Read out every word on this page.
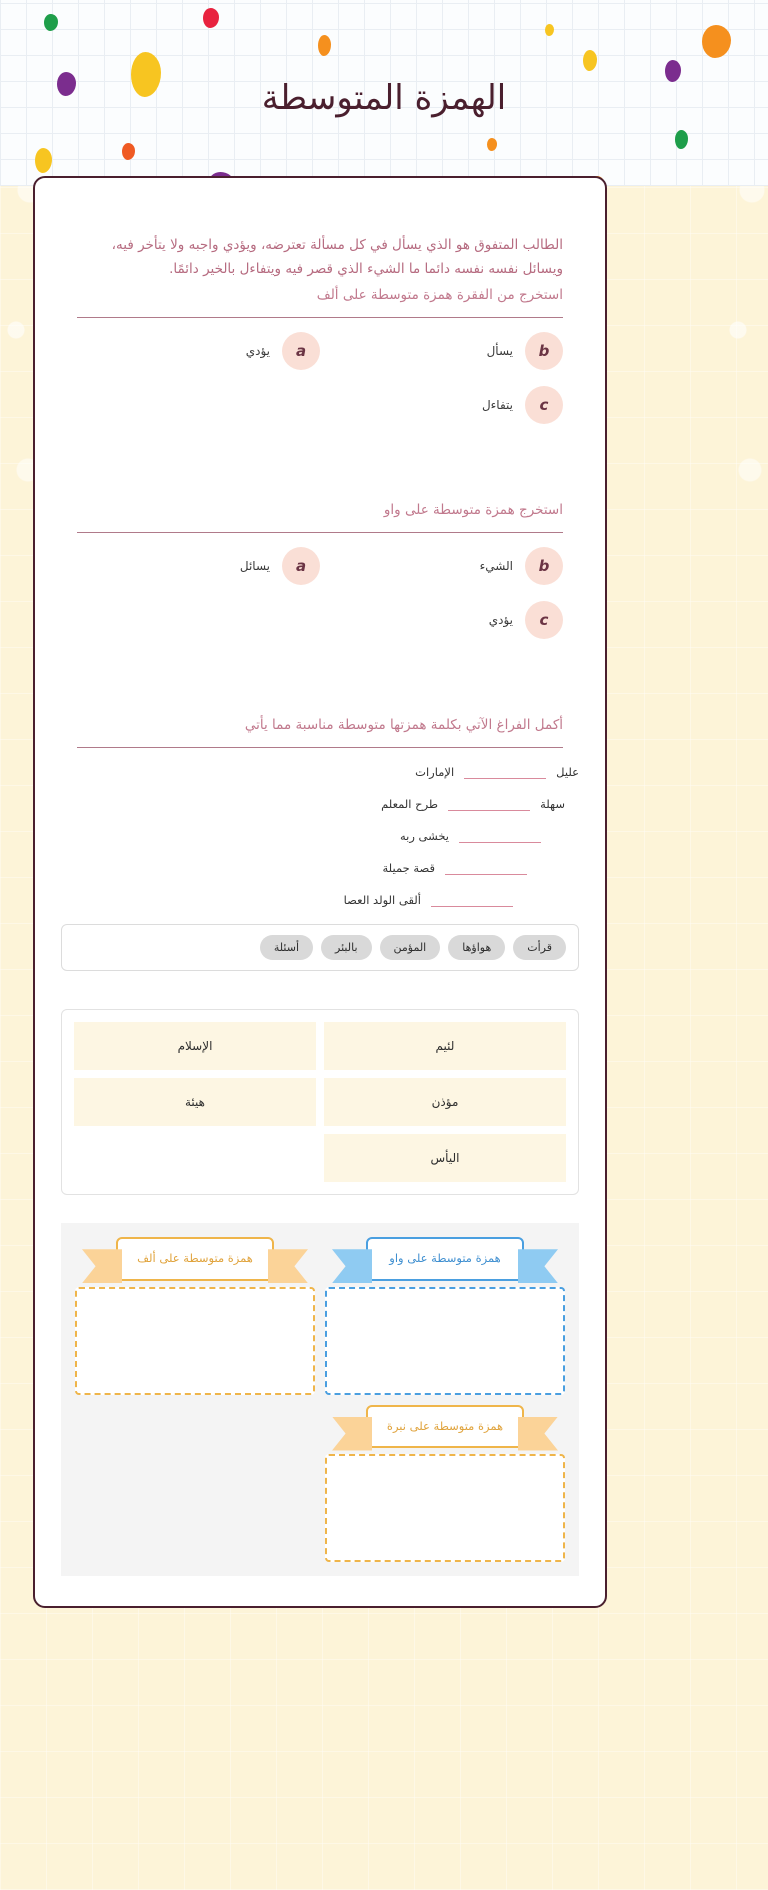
الهمزة المتوسطة
الطالب المتفوق هو الذي يسأل في كل مسألة تعترضه، ويؤدي واجبه ولا يتأخر فيه، ويسائل نفسه نفسه دائما ما الشيء الذي قصر فيه ويتفاءل بالخير دائمًا.
استخرج من الفقرة همزة متوسطة على ألف
b
يسأل
a
يؤدي
c
يتفاءل
استخرج همزة متوسطة على واو
b
الشيء
a
يسائل
c
يؤدي
أكمل الفراغ الآتي بكلمة همزتها متوسطة مناسبة مما يأتي
عليل
الإمارات
سهلة
طرح المعلم
يخشى ربه
قصة جميلة
ألقى الولد العصا
قرأت
هواؤها
المؤمن
بالبئر
أسئلة
لئيم
الإسلام
مؤذن
هيئة
اليأس
همزة متوسطة على واو
همزة متوسطة على ألف
همزة متوسطة على نبرة
